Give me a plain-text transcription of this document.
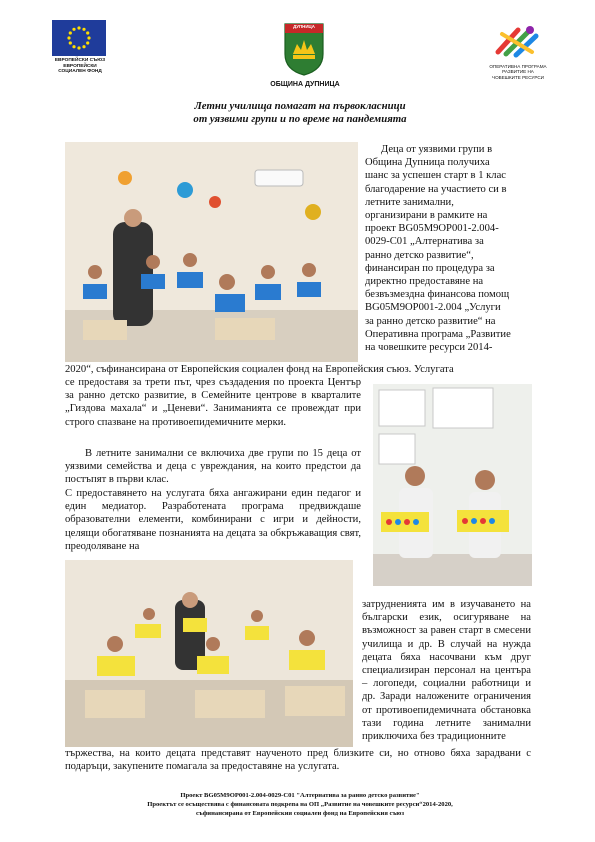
ЕВРОПЕЙСКИ СЪЮЗ
ЕВРОПЕЙСКИ
СОЦИАЛЕН ФОНД
ДУПНИЦА
ОБЩИНА ДУПНИЦА
ОПЕРАТИВНА ПРОГРАМА
РАЗВИТИЕ НА
ЧОВЕШКИТЕ РЕСУРСИ
Летни училища помагат на първокласници
от уязвими групи и по време на пандемията
Деца от уязвими групи в
Община Дупница получиха
шанс за успешен старт в 1 клас
благодарение на участието си в
летните занимални,
организирани в рамките на
проект BG05M9OP001-2.004-
0029-C01 „Алтернатива за
ранно детско развитие“,
финансиран по процедура за
директно предоставяне на
безвъзмездна финансова помощ
BG05M9OP001-2.004 „Услуги
за ранно детско развитие“ на
Оперативна програма „Развитие
на човешките ресурси 2014-
2020“, съфинансирана от Европейския социален фонд на Европейския съюз. Услугата
се предоставя за трети път, чрез създадения по проекта Център за ранно детско развитие, в Семейните центрове в кварталите „Гиздова махала“ и „Ценеви“. Заниманията се провеждат при строго спазване на противоепидемичните мерки.
В летните занимални се включиха две групи по 15 деца от уязвими семейства и деца с увреждания, на които предстои да постъпят в първи клас.
С предоставянето на услугата бяха ангажирани един педагог и един медиатор. Разработената програма предвиждаше образователни елементи, комбинирани с игри и дейности, целящи обогатяване познанията на децата за обкръжаващия свят, преодоляване на
затрудненията им в изучаването на български език, осигуряване на възможност за равен старт в смесени училища и др. В случай на нужда децата бяха насочвани към друг специализиран персонал на центъра – логопеди, социални работници и др. Заради наложените ограничения от противоепидемичната обстановка тази година летните занимални приключиха без традиционните
тържества, на които децата представят наученото пред близките си, но отново бяха зарадвани с подаръци, закупените помагала за предоставяне на услугата.
Проект BG05M9OP001-2.004-0029-C01 "Алтернатива за ранно детско развитие"
Проектът се осъществява с финансовата подкрепа на ОП „Развитие на човешките ресурси“2014-2020,
съфинансирана от Европейския социален фонд на Европейския съюз
